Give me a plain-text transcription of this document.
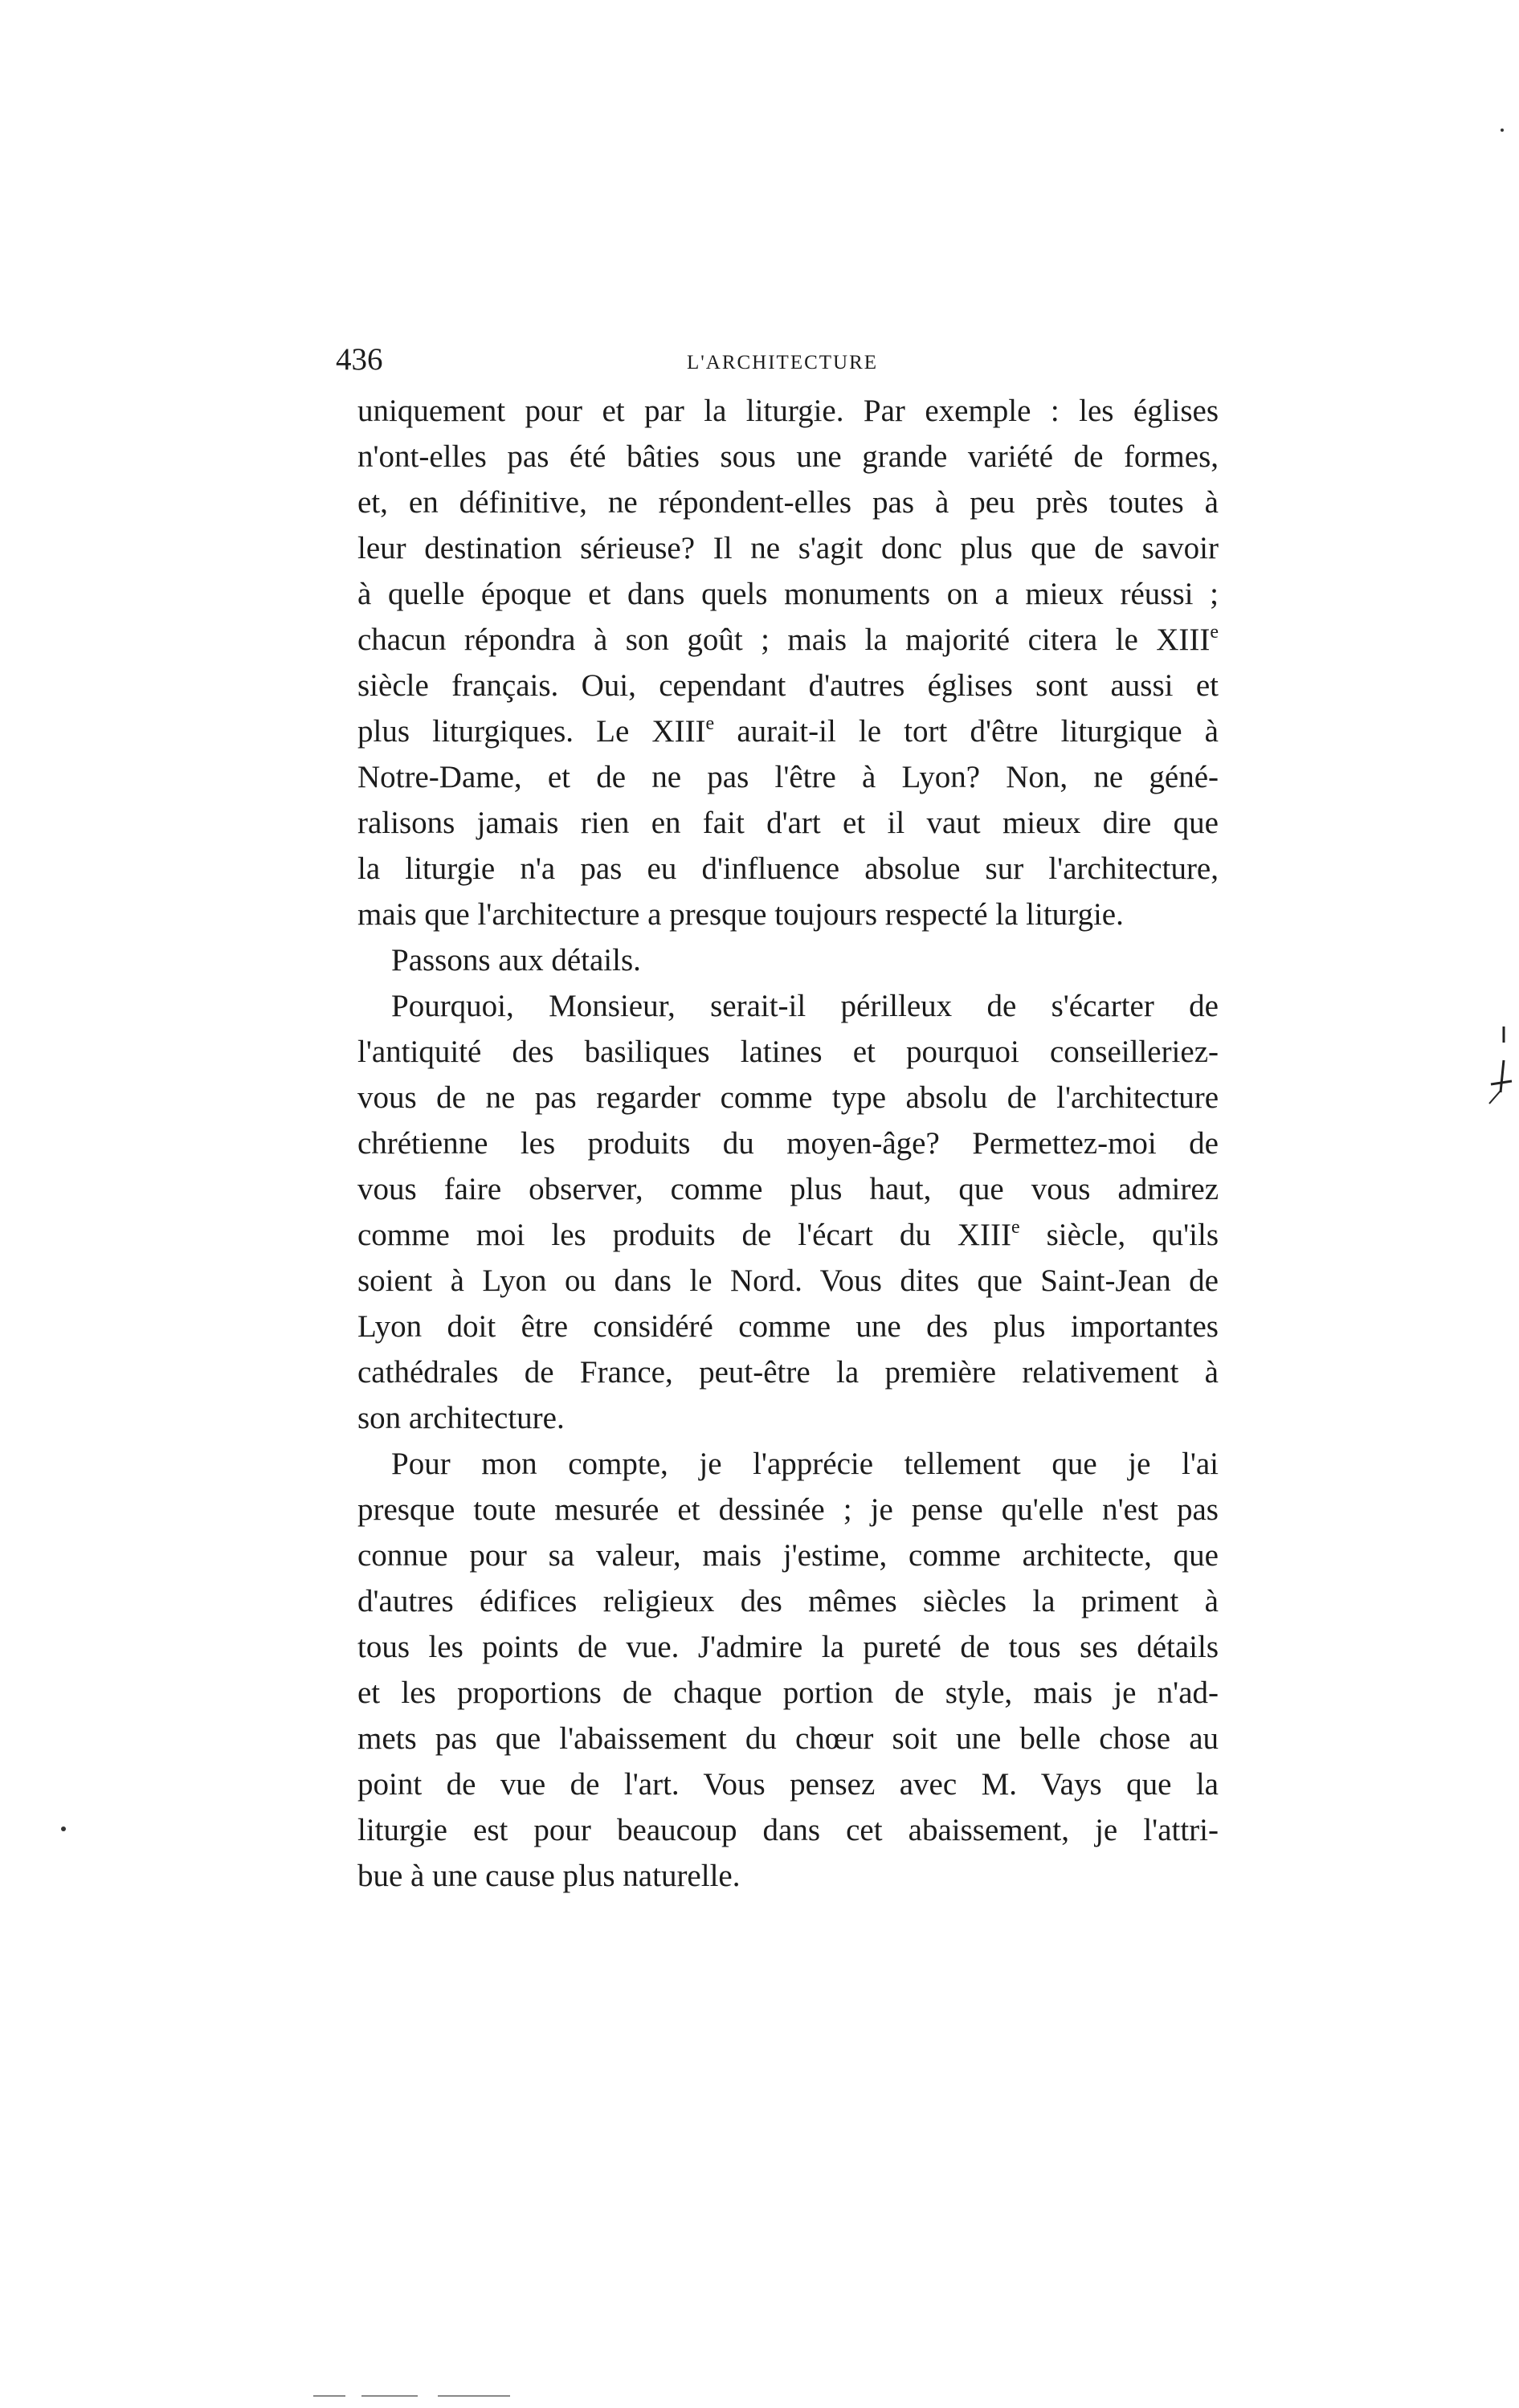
436	L'ARCHITECTURE
uniquement pour et par la liturgie. Par exemple : les églises
n'ont-elles pas été bâties sous une grande variété de formes,
et, en définitive, ne répondent-elles pas à peu près toutes à
leur destination sérieuse? Il ne s'agit donc plus que de savoir
à quelle époque et dans quels monuments on a mieux réussi ;
chacun répondra à son goût ; mais la majorité citera le XIIIe
siècle français. Oui, cependant d'autres églises sont aussi et
plus liturgiques. Le XIIIe aurait-il le tort d'être liturgique à
Notre-Dame, et de ne pas l'être à Lyon? Non, ne géné-
ralisons jamais rien en fait d'art et il vaut mieux dire que
la liturgie n'a pas eu d'influence absolue sur l'architecture,
mais que l'architecture a presque toujours respecté la liturgie.
Passons aux détails.
Pourquoi, Monsieur, serait-il périlleux de s'écarter de
l'antiquité des basiliques latines et pourquoi conseilleriez-
vous de ne pas regarder comme type absolu de l'architecture
chrétienne les produits du moyen-âge? Permettez-moi de
vous faire observer, comme plus haut, que vous admirez
comme moi les produits de l'écart du XIIIe siècle, qu'ils
soient à Lyon ou dans le Nord. Vous dites que Saint-Jean de
Lyon doit être considéré comme une des plus importantes
cathédrales de France, peut-être la première relativement à
son architecture.
Pour mon compte, je l'apprécie tellement que je l'ai
presque toute mesurée et dessinée ; je pense qu'elle n'est pas
connue pour sa valeur, mais j'estime, comme architecte, que
d'autres édifices religieux des mêmes siècles la priment à
tous les points de vue. J'admire la pureté de tous ses détails
et les proportions de chaque portion de style, mais je n'ad-
mets pas que l'abaissement du chœur soit une belle chose au
point de vue de l'art. Vous pensez avec M. Vays que la
liturgie est pour beaucoup dans cet abaissement, je l'attri-
bue à une cause plus naturelle.
